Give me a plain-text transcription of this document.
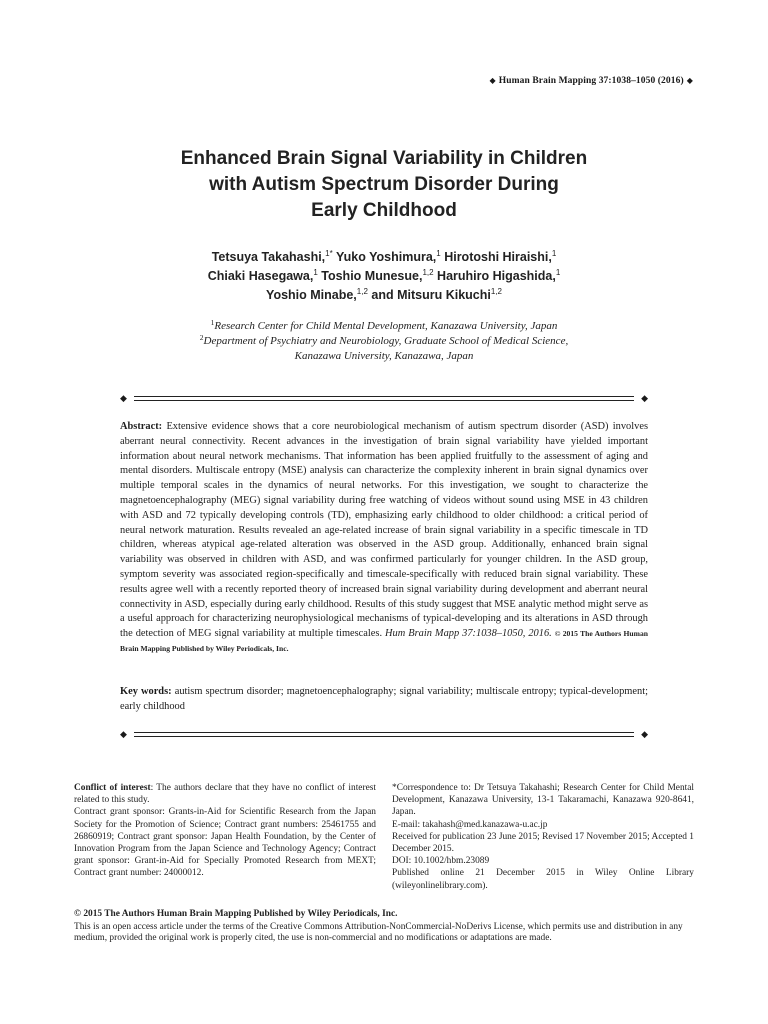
◆ Human Brain Mapping 37:1038–1050 (2016) ◆
Enhanced Brain Signal Variability in Children
with Autism Spectrum Disorder During
Early Childhood
Tetsuya Takahashi,$^{1*}$ Yuko Yoshimura,$^1$ Hirotoshi Hiraishi,$^1$
Chiaki Hasegawa,$^1$ Toshio Munesue,$^{1,2}$ Haruhiro Higashida,$^1$
Yoshio Minabe,$^{1,2}$ and Mitsuru Kikuchi$^{1,2}$
$^1$Research Center for Child Mental Development, Kanazawa University, Japan
$^2$Department of Psychiatry and Neurobiology, Graduate School of Medical Science,
Kanazawa University, Kanazawa, Japan
◆	◆
Abstract: Extensive evidence shows that a core neurobiological mechanism of autism spectrum disorder (ASD) involves aberrant neural connectivity. Recent advances in the investigation of brain signal variability have yielded important information about neural network mechanisms. That information has been applied fruitfully to the assessment of aging and mental disorders. Multiscale entropy (MSE) analysis can characterize the complexity inherent in brain signal dynamics over multiple temporal scales in the dynamics of neural networks. For this investigation, we sought to characterize the magnetoencephalography (MEG) signal variability during free watching of videos without sound using MSE in 43 children with ASD and 72 typically developing controls (TD), emphasizing early childhood to older childhood: a critical period of neural network maturation. Results revealed an age-related increase of brain signal variability in a specific timescale in TD children, whereas atypical age-related alteration was observed in the ASD group. Additionally, enhanced brain signal variability was observed in children with ASD, and was confirmed particularly for younger children. In the ASD group, symptom severity was associated region-specifically and timescale-specifically with reduced brain signal variability. These results agree well with a recently reported theory of increased brain signal variability during development and aberrant neural connectivity in ASD, especially during early childhood. Results of this study suggest that MSE analytic method might serve as a useful approach for characterizing neurophysiological mechanisms of typical-developing and its alterations in ASD through the detection of MEG signal variability at multiple timescales. Hum Brain Mapp 37:1038–1050, 2016. © 2015 The Authors Human Brain Mapping Published by Wiley Periodicals, Inc.
Key words: autism spectrum disorder; magnetoencephalography; signal variability; multiscale entropy; typical-development; early childhood
◆	◆
Conflict of interest: The authors declare that they have no conflict of interest related to this study.
Contract grant sponsor: Grants-in-Aid for Scientific Research from the Japan Society for the Promotion of Science; Contract grant numbers: 25461755 and 26860919; Contract grant sponsor: Japan Health Foundation, by the Center of Innovation Program from the Japan Science and Technology Agency; Contract grant sponsor: Grant-in-Aid for Specially Promoted Research from MEXT; Contract grant number: 24000012.

*Correspondence to: Dr Tetsuya Takahashi; Research Center for Child Mental Development, Kanazawa University, 13-1 Takaramachi, Kanazawa 920-8641, Japan.

E-mail: takahash@med.kanazawa-u.ac.jp

Received for publication 23 June 2015; Revised 17 November 2015; Accepted 1 December 2015.

DOI: 10.1002/hbm.23089

Published online 21 December 2015 in Wiley Online Library (wileyonlinelibrary.com).

© 2015 The Authors Human Brain Mapping Published by Wiley Periodicals, Inc.
This is an open access article under the terms of the Creative Commons Attribution-NonCommercial-NoDerivs License, which permits use and distribution in any medium, provided the original work is properly cited, the use is non-commercial and no modifications or adaptations are made.
